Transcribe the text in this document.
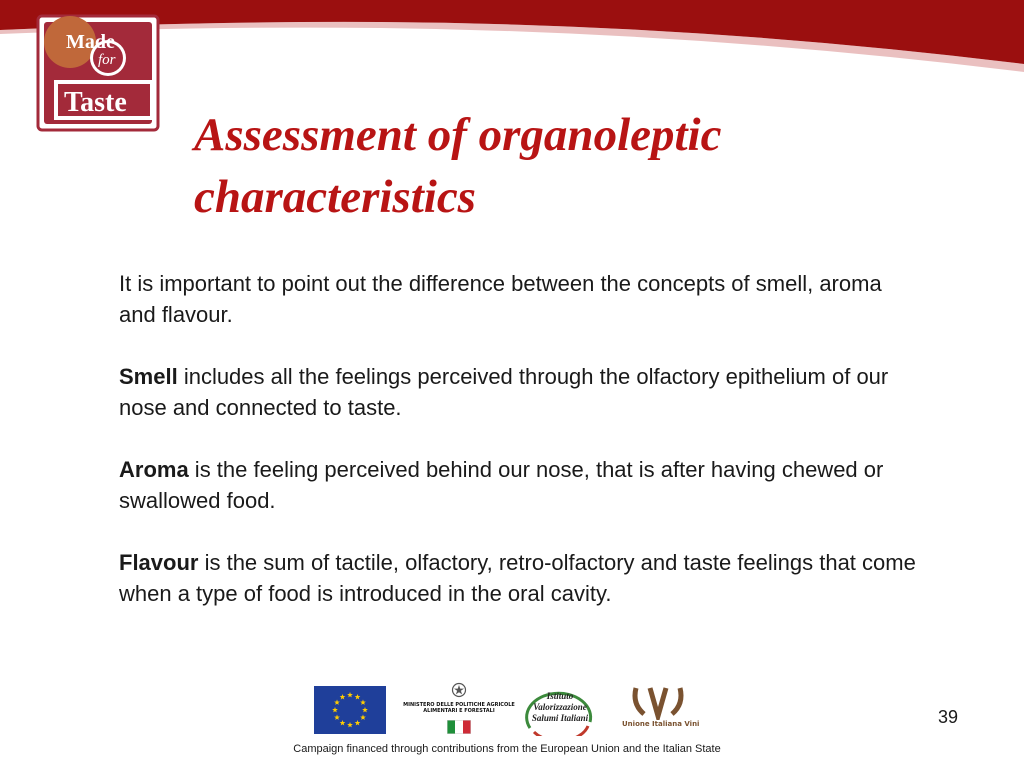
Made
for
Taste
Assessment of organoleptic characteristics

It is important to point out the difference between the concepts of smell, aroma and flavour.

Smell includes all the feelings perceived through the olfactory epithelium of our nose and connected to taste.

Aroma is the feeling perceived behind our nose, that is after having chewed or swallowed food.

Flavour is the sum of tactile, olfactory, retro-olfactory and taste feelings that come when a type of food is introduced in the oral cavity.

MINISTERO DELLE POLITICHE AGRICOLE ALIMENTARI E FORESTALI
Istituto
Valorizzazione
Salumi Italiani
Unione Italiana Vini	39
Campaign financed through contributions from the European Union and the Italian State
